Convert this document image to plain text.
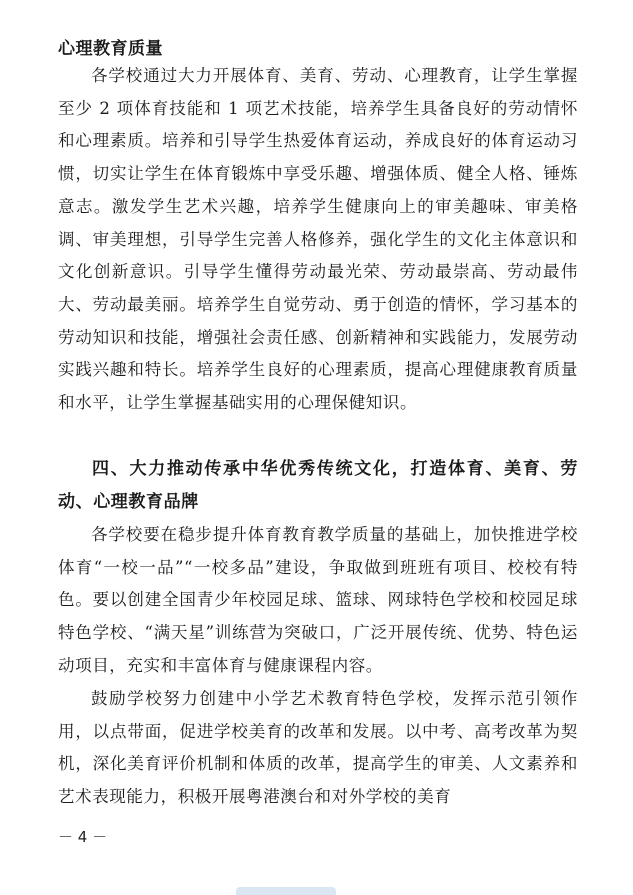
心理教育质量
各学校通过大力开展体育、美育、劳动、心理教育，让学生掌握至少 2 项体育技能和 1 项艺术技能，培养学生具备良好的劳动情怀和心理素质。培养和引导学生热爱体育运动，养成良好的体育运动习惯，切实让学生在体育锻炼中享受乐趣、增强体质、健全人格、锤炼意志。激发学生艺术兴趣，培养学生健康向上的审美趣味、审美格调、审美理想，引导学生完善人格修养，强化学生的文化主体意识和文化创新意识。引导学生懂得劳动最光荣、劳动最崇高、劳动最伟大、劳动最美丽。培养学生自觉劳动、勇于创造的情怀，学习基本的劳动知识和技能，增强社会责任感、创新精神和实践能力，发展劳动实践兴趣和特长。培养学生良好的心理素质，提高心理健康教育质量和水平，让学生掌握基础实用的心理保健知识。
四、大力推动传承中华优秀传统文化，打造体育、美育、劳动、心理教育品牌
各学校要在稳步提升体育教育教学质量的基础上，加快推进学校体育“一校一品”“一校多品”建设，争取做到班班有项目、校校有特色。要以创建全国青少年校园足球、篮球、网球特色学校和校园足球特色学校、“满天星”训练营为突破口，广泛开展传统、优势、特色运动项目，充实和丰富体育与健康课程内容。
鼓励学校努力创建中小学艺术教育特色学校，发挥示范引领作用，以点带面，促进学校美育的改革和发展。以中考、高考改革为契机，深化美育评价机制和体质的改革，提高学生的审美、人文素养和艺术表现能力，积极开展粤港澳台和对外学校的美育
－ 4 －
